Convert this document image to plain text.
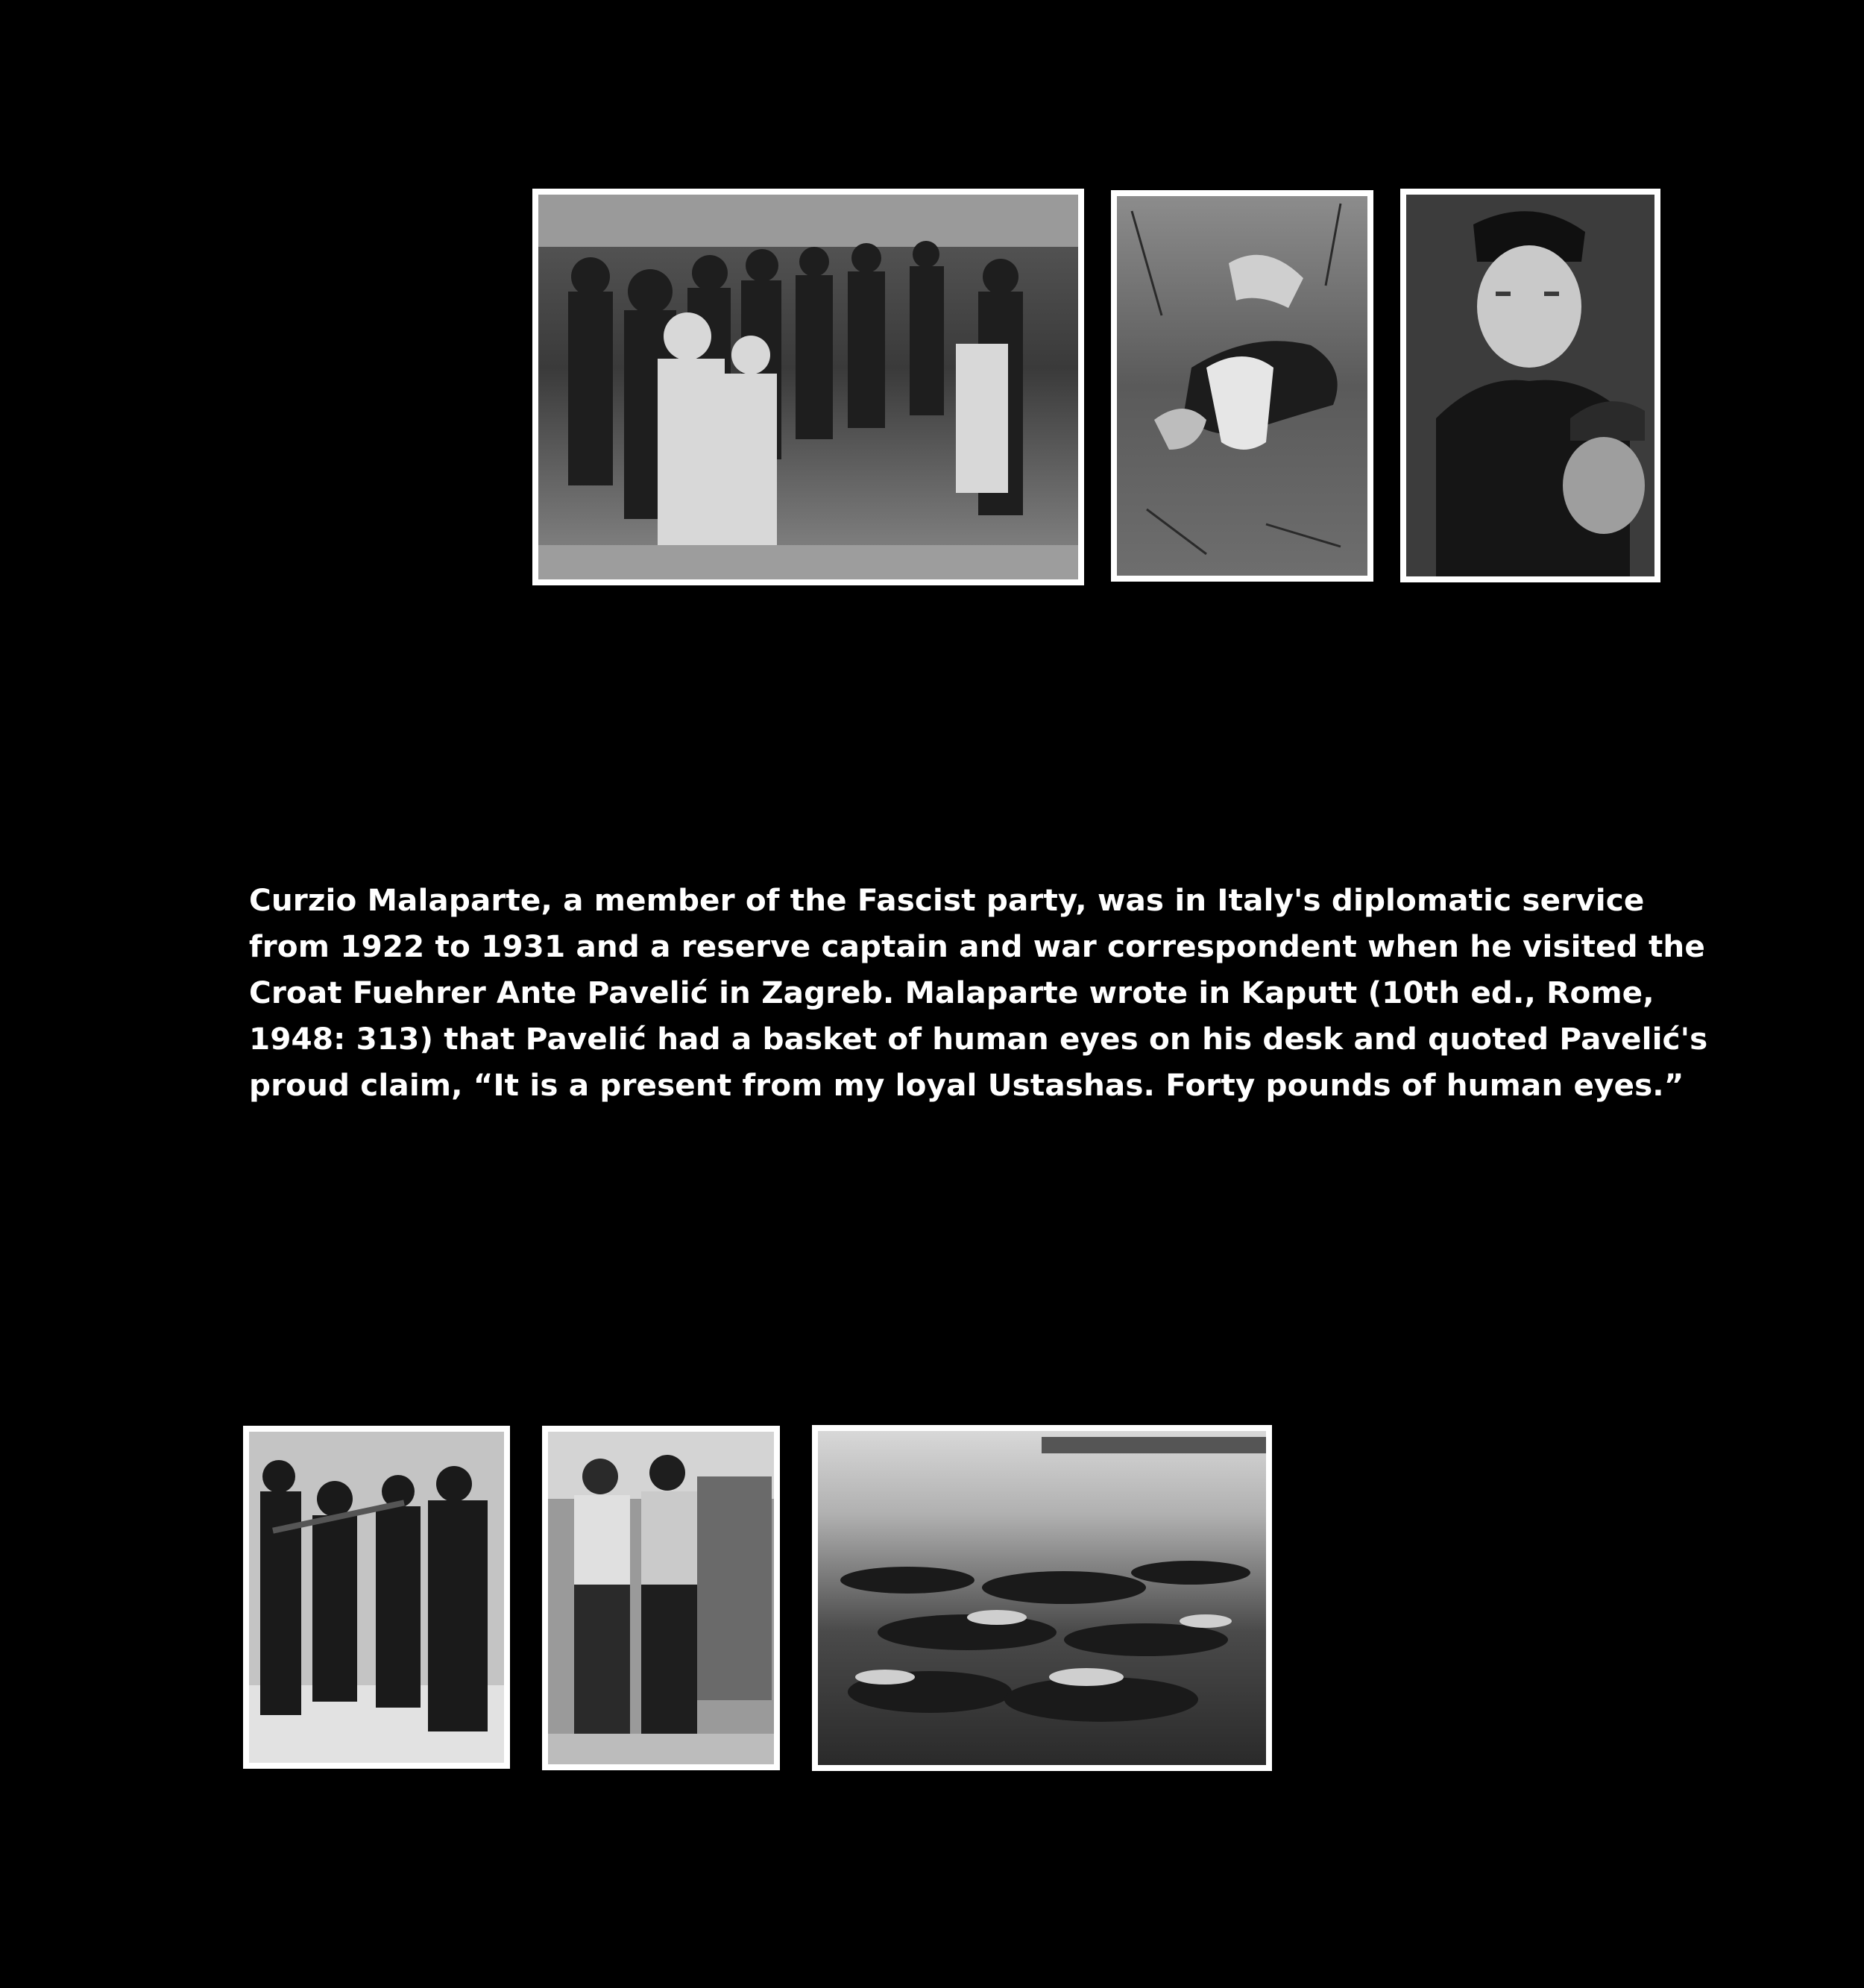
Curzio Malaparte, a member of the Fascist party, was in Italy's diplomatic service

from 1922 to 1931 and a reserve captain and war correspondent when he visited the

Croat Fuehrer Ante Pavelić in Zagreb. Malaparte wrote in Kaputt (10th ed., Rome,

1948: 313) that Pavelić had a basket of human eyes on his desk and quoted Pavelić's

proud claim, “It is a present from my loyal Ustashas. Forty pounds of human eyes.”
